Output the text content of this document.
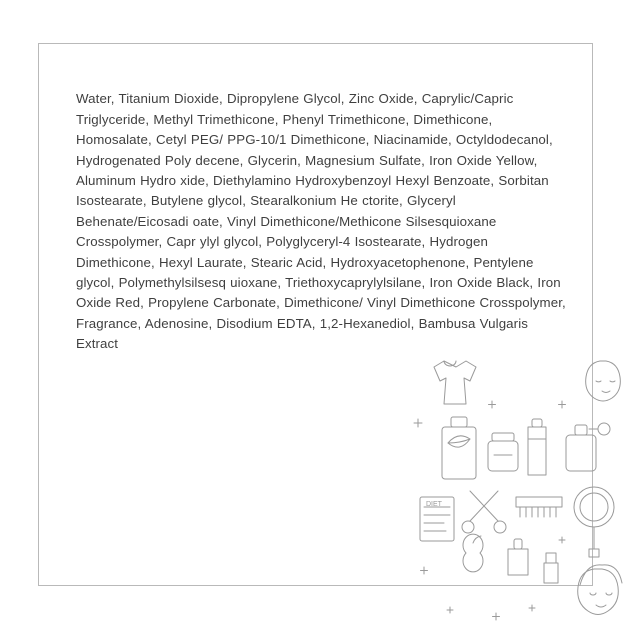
Water, Titanium Dioxide, Dipropylene Glycol, Zinc Oxide, Caprylic/Capric Triglyceride, Methyl Trimethicone, Phenyl Trimethicone, Dimethicone, Homosalate, Cetyl PEG/ PPG-10/1 Dimethicone, Niacinamide, Octyldodecanol, Hydrogenated Poly decene, Glycerin, Magnesium Sulfate, Iron Oxide Yellow, Aluminum Hydro xide, Diethylamino Hydroxybenzoyl Hexyl Benzoate, Sorbitan Isostearate, Butylene glycol, Stearalkonium He ctorite, Glyceryl Behenate/Eicosadi oate, Vinyl Dimethicone/Methicone Silsesquioxane Crosspolymer, Capr ylyl glycol, Polyglyceryl-4 Isostearate, Hydrogen Dimethicone, Hexyl Laurate, Stearic Acid, Hydroxyacetophenone, Pentylene glycol, Polymethylsilsesq uioxane, Triethoxycaprylylsilane, Iron Oxide Black, Iron Oxide Red, Propylene Carbonate, Dimethicone/ Vinyl Dimethicone Crosspolymer, Fragrance, Adenosine, Disodium EDTA, 1,2-Hexanediol, Bambusa Vulgaris Extract

DIET
